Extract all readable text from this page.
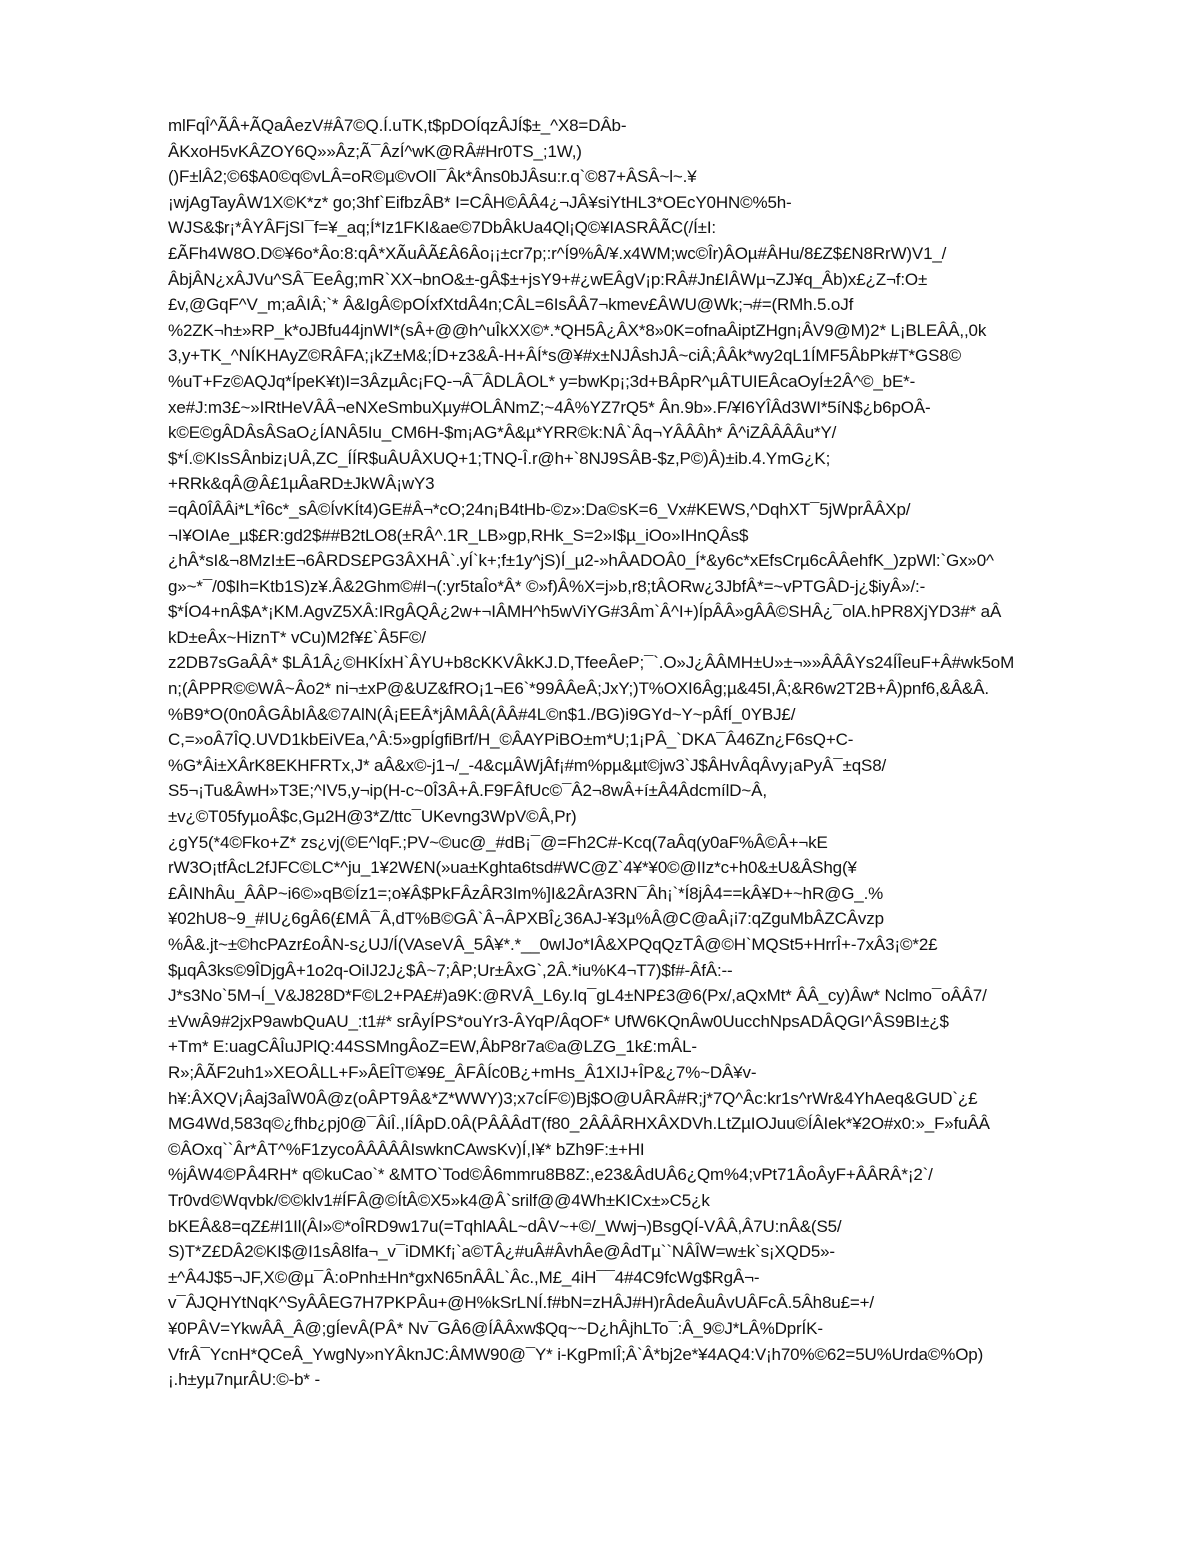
mlFqÎ^ÃÂ+ÃQaÂezV#Â7©Q.Í.uTK,t$pDOÍqzÂJÍ$±_^X8=DÂb-
ÂKxoH5vKÂZOY6Q»»Âz;Ã¯ÂzÍ^wK@RÂ#Hr0TS_;1W,)
()F±lÂ2;©6$A0©q©vLÂ=oR©µ©vOlI¯Âk*Âns0bJÂsu:r.q`©87+ÂSÂ~l~.¥
¡wjAgTayÂW1X©K*z* go;3hf`EifbzÂB* I=CÂH©ÂÂ4¿¬JÂ¥siYtHL3*OEcY0HN©%5h-
WJS&$r¡*ÂYÂFjSI¯f=¥_aq;Í*Iz1FKI&ae©7DbÂkUa4Ql¡Q©¥IASRÂÃC(/Í±I:
£ÃFh4W8O.D©¥6o*Âo:8:qÂ*XÃuÂÃ£Â6Âo¡¡±cr7p;:r^Í9%Â/¥.x4WM;wc©Îr)ÂOµ#ÂHu/8£Z$£N8RrW)V1_/
ÂbjÂN¿xÂJVu^SÂ¯EeÂg;mR`XX¬bnO&±-gÂ$±+jsY9+#¿wEÂgV¡p:RÂ#Jn£IÂWµ¬ZJ¥q_Âb)x£¿Z¬f:O±
£v,@GqF^V_m;aÂIÂ;`* Â&IgÂ©pOÍxfXtdÂ4n;CÂL=6IsÂÂ7¬kmev£ÂWU@Wk;¬#=(RMh.5.oJf
%2ZK¬h±»RP_k*oJBfu44jnWI*(sÂ+@@h^uÎkXX©*.*QH5Â¿ÂX*8»0K=ofnaÂiptZHgn¡ÂV9@M)2* L¡BLEÂÂ,,0k
3,y+TK_^NÍKHAyZ©RÂFA;¡kZ±M&;ÍD+z3&Â-H+ÂÍ*s@¥#x±NJÂshJÂ~ciÂ;ÂÂk*wy2qL1ÍMF5ÂbPk#T*GS8©
%uT+Fz©AQJq*ÍpeK¥t)I=3ÂzµÂc¡FQ-¬Â¯ÂDLÂOL* y=bwKp¡;3d+BÂpR^µÂTUIEÂcaOyÍ±2Â^©_bE*-
xe#J:m3£~»IRtHeVÂÂ¬eNXeSmbuXµy#OLÂNmZ;~4Â%YZ7rQ5* Ân.9b».F/¥I6YÎÂd3WI*5íN$¿b6pOÂ-
k©E©gÂDÂsÂSaO¿ÍANÂ5Iu_CM6H-$m¡AG*Â&µ*YRR©k:NÂ`Âq¬YÂÂÂh* Â^iZÂÂÂÂu*Y/
$*Í.©KIsSÂnbiz¡UÂ,ZC_ÍÍR$uÂUÂXUQ+1;TNQ-Î.r@h+`8NJ9SÂB-$z,P©)Â)±ib.4.YmG¿K;
+RRk&qÂ@Â£1µÂaRD±JkWÂ¡wY3
=qÂ0ÎÂÂi*L*Î6c*_sÂ©ÍvKÍt4)GE#Â¬*cO;24n¡B4tHb-©z»:Da©sK=6_Vx#KEWS,^DqhXT¯5jWprÂÂXp/
¬I¥OIAe_µ$£R:gd2$##B2tLO8(±RÂ^.1R_LB»gp,RHk_S=2»I$µ_iOo»IHnQÂs$
¿hÂ*sI&¬8MzI±E¬6ÂRDS£PG3ÂXHÂ`.yÍ`k+;f±1y^jS)Í_µ2-»hÂADOÂ0_Í*&y6c*xEfsCrµ6cÂÂehfK_)zpWl:`Gx»0^
g»~*¯/0$Ih=Ktb1S)z¥.Â&2Ghm©#I¬(:yr5taÎo*Â* ©»f)Â%X=j»b,r8;tÂORw¿3JbfÂ*=~vPTGÂD-j¿$iyÂ»/:-
$*ÍO4+nÂ$A*¡KM.AgvZ5XÂ:IRgÂQÂ¿2w+¬IÂMH^h5wViYG#3Âm`Â^I+)ÍpÂÂ»gÂÂ©SHÂ¿¯olA.hPR8XjYD3#* aÂ
kD±eÂx~HiznT* vCu)M2f¥£`Â5F©/
z2DB7sGaÂÂ* $LÂ1Â¿©HKÍxH`ÂYU+b8cKKVÂkKJ.D,TfeeÂeP;¯`.O»J¿ÂÂMH±U»±¬»»ÂÂÂYs24ÍÎeuF+Â#wk5oM
n;(ÂPPR©©WÂ~Âo2* ni¬±xP@&UZ&fRO¡1¬E6`*99ÂÂeÂ;JxY;)T%OXI6Âg;µ&45I,Â;&R6w2T2B+Â)pnf6,&Â&Â.
%B9*O(0n0ÂGÂbIÂ&©7AlN(Â¡EEÂ*jÂMÂÂ(ÂÂ#4L©n$1./BG)i9GYd~Y~pÂfÍ_0YBJ£/
C,=»oÂ7ÎQ.UVD1kbEiVEa,^Â:5»gpÍgfiBrf/H_©ÂAYPiBO±m*U;1¡PÂ_`DKA¯Â46Zn¿F6sQ+C-
%G*Âi±XÂrK8EKHFRTx,J* aÂ&x©-j1¬/_-4&cµÂWjÂf¡#m%pµ&µt©jw3`J$ÂHvÂqÂvy¡aPyÂ¯±qS8/
S5¬¡Tu&ÂwH»T3E;^IV5,y¬ip(H-c~0Î3Â+Â.F9FÂfUc©¯Â2¬8wÂ+í±Â4ÂdcmílD~Â,
±v¿©T05fyµoÂ$c,Gµ2H@3*Z/ttc¯UKevng3WpV©Â,Pr)
¿gY5(*4©Fko+Z* zs¿vj(©E^lqF.;PV~©uc@_#dB¡¯@=Fh2C#-Kcq(7aÂq(y0aF%Â©Â+¬kE
rW3O¡tfÂcL2fJFC©LC*^ju_1¥2W£N(»ua±Kghta6tsd#WC@Z`4¥*¥0©@IIz*c+h0&±U&ÂShg(¥
£ÂINhÂu_ÂÂP~i6©»qB©Íz1=;o¥Â$PkFÂzÂR3Im%]I&2ÂrA3RN¯Âh¡`*Í8jÂ4==kÂ¥D+~hR@G_.%
¥02hU8~9_#IU¿6gÂ6(£MÂ¯Â,dT%B©GÂ`Â¬ÂPXBÎ¿36AJ-¥3µ%Â@C@aÂ¡i7:qZguMbÂZCÂvzp
%Â&.jt~±©hcPAzr£oÂN-s¿UJ/Í(VAseVÂ_5Â¥*.*__0wIJo*IÂ&XPQqQzTÂ@©H`MQSt5+HrrÎ+-7xÂ3¡©*2£
$µqÂ3ks©9ÎDjgÂ+1o2q-OiIJ2J¿$Â~7;ÂP;Ur±ÂxG`,2Â.*iu%K4¬T7)$f#-ÂfÂ:--
J*s3No`5M¬Í_V&J828D*F©L2+PA£#)a9K:@RVÂ_L6y.Iq¯gL4±NP£3@6(Px/,aQxMt* ÂÂ_cy)Âw* Nclmo¯oÂÂ7/
±VwÂ9#2jxP9awbQuAU_:t1#* srÂyÍPS*ouYr3-ÂYqP/ÂqOF* UfW6KQnÂw0UucchNpsADÂQGI^ÂS9BI±¿$
+Tm* E:uagCÂÎuJPlQ:44SSMngÂoZ=EW,ÂbP8r7a©a@LZG_1k£:mÂL-
R»;ÂÃF2uh1»XEOÂLL+F»ÂEÎT©¥9£_ÂFÂÍc0B¿+mHs_Â1XIJ+ÎP&¿7%~DÂ¥v-
h¥:ÂXQV¡Âaj3aÎW0Â@z(oÂPT9Â&*Z*WWY)3;x7cÍF©)Bj$O@UÂRÂ#R;j*7Q^Âc:kr1s^rWr&4YhAeq&GUD`¿£
MG4Wd,583q©¿fhb¿pj0@¯ÂiÎ.,IÍÂpD.0Â(PÂÂÂdT(f80_2ÂÂÂRHXÂXDVh.LtZµIOJuu©ÍÂIek*¥2O#x0:»_F»fuÂÂ
©ÂOxq``Âr*ÂT^%F1zycoÂÂÂÂÂIswknCAwsKv)Í,I¥* bZh9F:±+HI
%jÂW4©PÂ4RH* q©kuCao`* &MTO`Tod©Â6mmru8B8Z:,e23&ÂdUÂ6¿Qm%4;vPt71ÂoÂyF+ÂÂRÂ*¡2`/
Tr0vd©Wqvbk/©©klv1#ÍFÂ@©ÍtÂ©X5»k4@Â`srilf@@4Wh±KICx±»C5¿k
bKEÂ&8=qZ£#I1Il(ÂI»©*oÎRD9w17u(=TqhlAÂL~dÂV~+©/_Wwj¬)BsgQÍ-VÂÂ,Â7U:nÂ&(S5/
S)T*Z£DÂ2©KI$@I1sÂ8lfa¬_v¯iDMKf¡`a©TÂ¿#uÂ#ÂvhÂe@ÂdTµ``NÂÎW=w±k`s¡XQD5»-
±^Â4J$5¬JF,X©@µ¯Â:oPnh±Hn*gxN65nÂÂL`Âc.,M£_4iH¯¯4#4C9fcWg$RgÂ¬-
v¯ÂJQHYtNqK^SyÂÂEG7H7PKPÂu+@H%kSrLNÍ.f#bN=zHÂJ#H)rÂdeÂuÂvUÂFcÂ.5Âh8u£=+/
¥0PÂV=YkwÂÂ_Â@;gÍevÂ(PÂ* Nv¯GÂ6@ÍÂÂxw$Qq~~D¿hÂjhLTo¯:Â_9©J*LÂ%DprÍK-
VfrÂ¯YcnH*QCeÂ_YwgNy»nYÂknJC:ÂMW90@¯Y* i-KgPmIÎ;Â`Â*bj2e*¥4AQ4:V¡h70%©62=5U%Urda©%Op)
¡.h±yµ7nµrÂU:©-b* -
